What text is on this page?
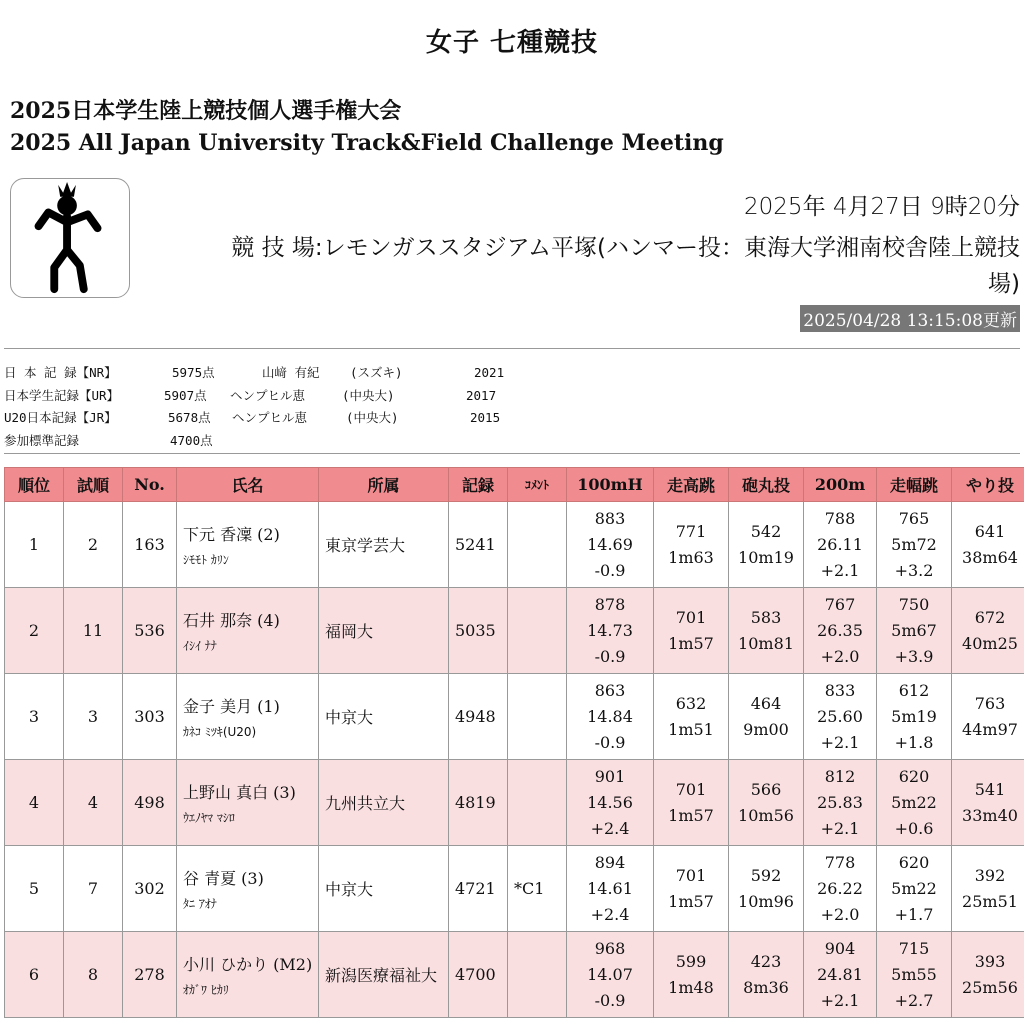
女子 七種競技
2025日本学生陸上競技個人選手権大会
2025 All Japan University Track&Field Challenge Meeting
2025年 4月27日 9時20分
競 技 場:レモンガススタジアム平塚(ハンマー投：東海大学湘南校舎陸上競技
場)
2025/04/28 13:15:08更新
日 本 記 録【NR】	5975点	山﨑 有紀 (スズキ)	2021
日本学生記録【UR】	5907点 ヘンプヒル恵	(中央大)	2017
U20日本記録【JR】	5678点 ヘンプヒル恵	(中央大)	2015
参加標準記録	4700点
順位	試順	No.	氏名	所属	記録	ｺﾒﾝﾄ	100mH	走高跳	砲丸投	200m	走幅跳	やり投
1	2	163	下元 香凜 (2)
ｼﾓﾓﾄ ｶﾘﾝ	東京学芸大	5241		883
14.69
-0.9	771
1m63	542
10m19	788
26.11
+2.1	765
5m72
+3.2	641
38m64

2	11	536	石井 那奈 (4)
ｲｼｲ ﾅﾅ	福岡大	5035		878
14.73
-0.9	701
1m57	583
10m81	767
26.35
+2.0	750
5m67
+3.9	672
40m25

3	3	303	金子 美月 (1)
ｶﾈｺ ﾐﾂｷ(U20)	中京大	4948		863
14.84
-0.9	632
1m51	464
9m00	833
25.60
+2.1	612
5m19
+1.8	763
44m97

4	4	498	上野山 真白 (3)
ｳｴﾉﾔﾏ ﾏｼﾛ	九州共立大	4819		901
14.56
+2.4	701
1m57	566
10m56	812
25.83
+2.1	620
5m22
+0.6	541
33m40

5	7	302	谷 青夏 (3)
ﾀﾆ ｱｵﾅ	中京大	4721	*C1	894
14.61
+2.4	701
1m57	592
10m96	778
26.22
+2.0	620
5m22
+1.7	392
25m51

6	8	278	小川 ひかり (M2)
ｵｶﾞﾜ ﾋｶﾘ	新潟医療福祉大	4700		968
14.07
-0.9	599
1m48	423
8m36	904
24.81
+2.1	715
5m55
+2.7	393
25m56
